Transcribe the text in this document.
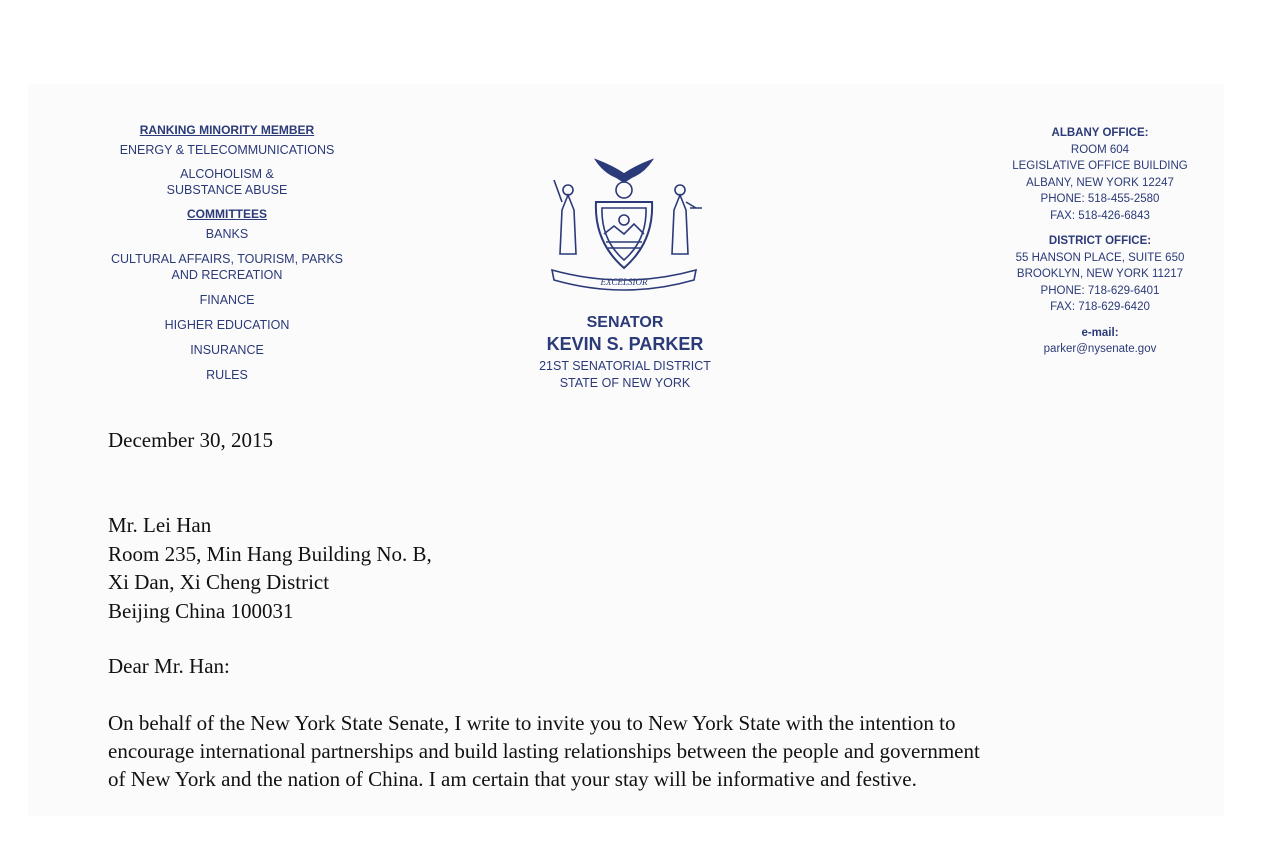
RANKING MINORITY MEMBER
ENERGY & TELECOMMUNICATIONS
ALCOHOLISM &
SUBSTANCE ABUSE
COMMITTEES
BANKS
CULTURAL AFFAIRS, TOURISM, PARKS
AND RECREATION
FINANCE
HIGHER EDUCATION
INSURANCE
RULES
EXCELSIOR
SENATOR
KEVIN S. PARKER
21ST SENATORIAL DISTRICT
STATE OF NEW YORK
ALBANY OFFICE:
ROOM 604
LEGISLATIVE OFFICE BUILDING
ALBANY, NEW YORK 12247
PHONE: 518-455-2580
FAX: 518-426-6843
DISTRICT OFFICE:
55 HANSON PLACE, SUITE 650
BROOKLYN, NEW YORK 11217
PHONE: 718-629-6401
FAX: 718-629-6420
e-mail:
parker@nysenate.gov
December 30, 2015
Mr. Lei Han
Room 235, Min Hang Building No. B,
Xi Dan, Xi Cheng District
Beijing China 100031
Dear Mr. Han:
On behalf of the New York State Senate, I write to invite you to New York State with the intention to
encourage international partnerships and build lasting relationships between the people and government
of New York and the nation of China. I am certain that your stay will be informative and festive.
